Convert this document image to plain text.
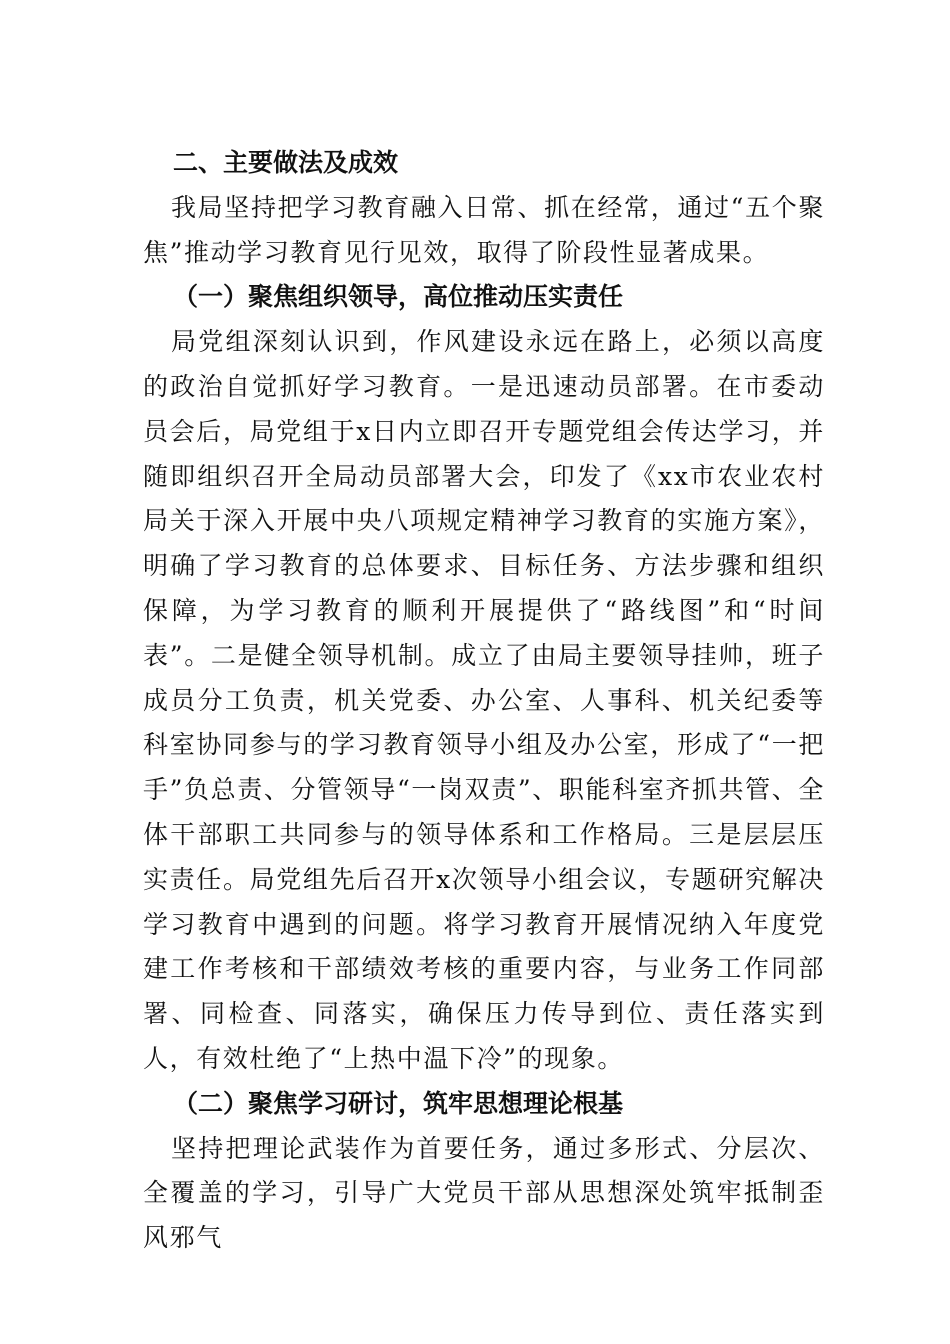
二、主要做法及成效

我局坚持把学习教育融入日常、抓在经常，通过“五个聚焦”推动学习教育见行见效，取得了阶段性显著成果。

（一）聚焦组织领导，高位推动压实责任

局党组深刻认识到，作风建设永远在路上，必须以高度的政治自觉抓好学习教育。一是迅速动员部署。在市委动员会后，局党组于x日内立即召开专题党组会传达学习，并随即组织召开全局动员部署大会，印发了《xx市农业农村局关于深入开展中央八项规定精神学习教育的实施方案》，明确了学习教育的总体要求、目标任务、方法步骤和组织保障，为学习教育的顺利开展提供了“路线图”和“时间表”。二是健全领导机制。成立了由局主要领导挂帅，班子成员分工负责，机关党委、办公室、人事科、机关纪委等科室协同参与的学习教育领导小组及办公室，形成了“一把手”负总责、分管领导“一岗双责”、职能科室齐抓共管、全体干部职工共同参与的领导体系和工作格局。三是层层压实责任。局党组先后召开x次领导小组会议，专题研究解决学习教育中遇到的问题。将学习教育开展情况纳入年度党建工作考核和干部绩效考核的重要内容，与业务工作同部署、同检查、同落实，确保压力传导到位、责任落实到人，有效杜绝了“上热中温下冷”的现象。

（二）聚焦学习研讨，筑牢思想理论根基

坚持把理论武装作为首要任务，通过多形式、分层次、全覆盖的学习，引导广大党员干部从思想深处筑牢抵制歪风邪气
